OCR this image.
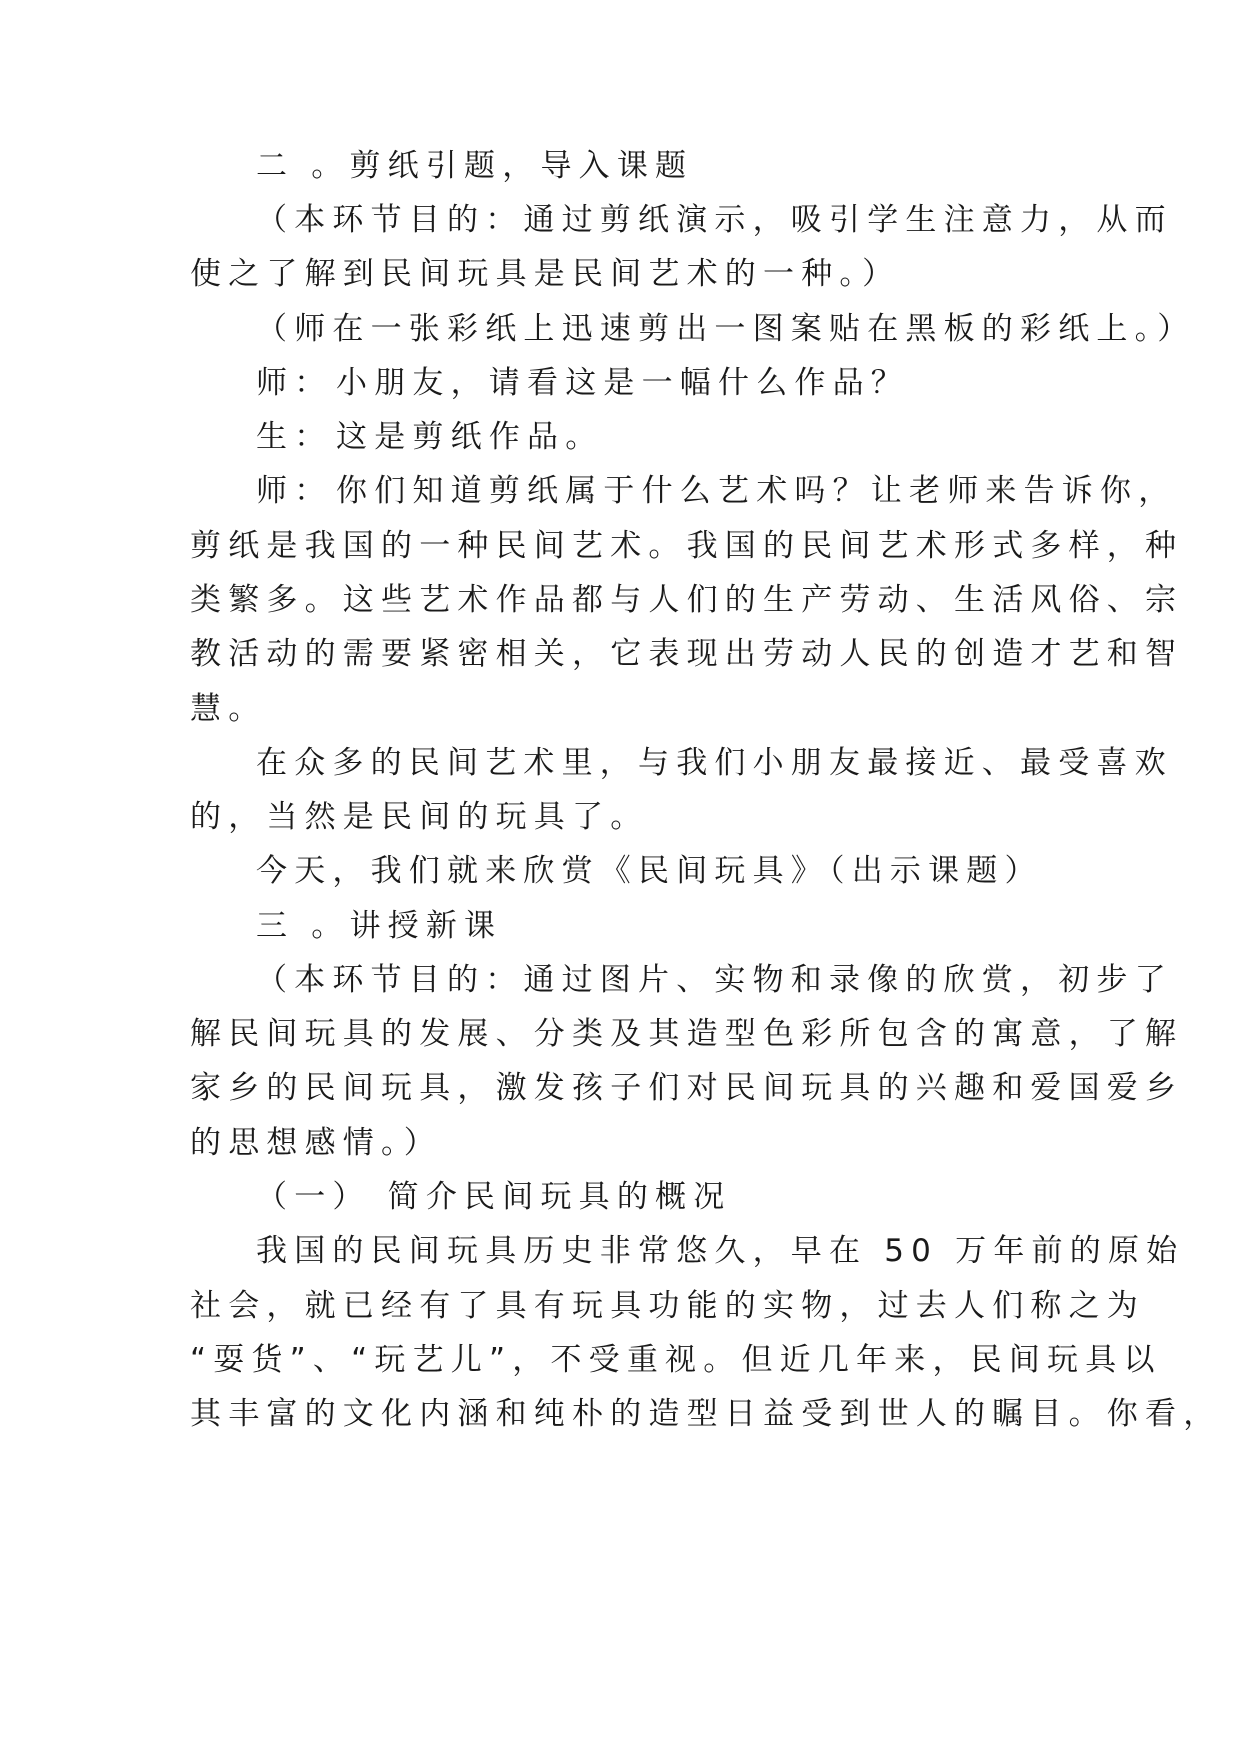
二 。剪纸引题，导入课题
（本环节目的：通过剪纸演示，吸引学生注意力，从而
使之了解到民间玩具是民间艺术的一种。）
（师在一张彩纸上迅速剪出一图案贴在黑板的彩纸上。）
师： 小朋友，请看这是一幅什么作品？
生： 这是剪纸作品。
师： 你们知道剪纸属于什么艺术吗？让老师来告诉你，
剪纸是我国的一种民间艺术。我国的民间艺术形式多样，种
类繁多。这些艺术作品都与人们的生产劳动、生活风俗、宗
教活动的需要紧密相关，它表现出劳动人民的创造才艺和智
慧。
在众多的民间艺术里，与我们小朋友最接近、最受喜欢
的，当然是民间的玩具了。
今天，我们就来欣赏《民间玩具》（出示课题）
三 。讲授新课
（本环节目的：通过图片、实物和录像的欣赏，初步了
解民间玩具的发展、分类及其造型色彩所包含的寓意，了解
家乡的民间玩具，激发孩子们对民间玩具的兴趣和爱国爱乡
的思想感情。）
（一） 简介民间玩具的概况
我国的民间玩具历史非常悠久，早在 50 万年前的原始
社会，就已经有了具有玩具功能的实物，过去人们称之为
“耍货”、“玩艺儿”，不受重视。但近几年来，民间玩具以
其丰富的文化内涵和纯朴的造型日益受到世人的瞩目。你看，
